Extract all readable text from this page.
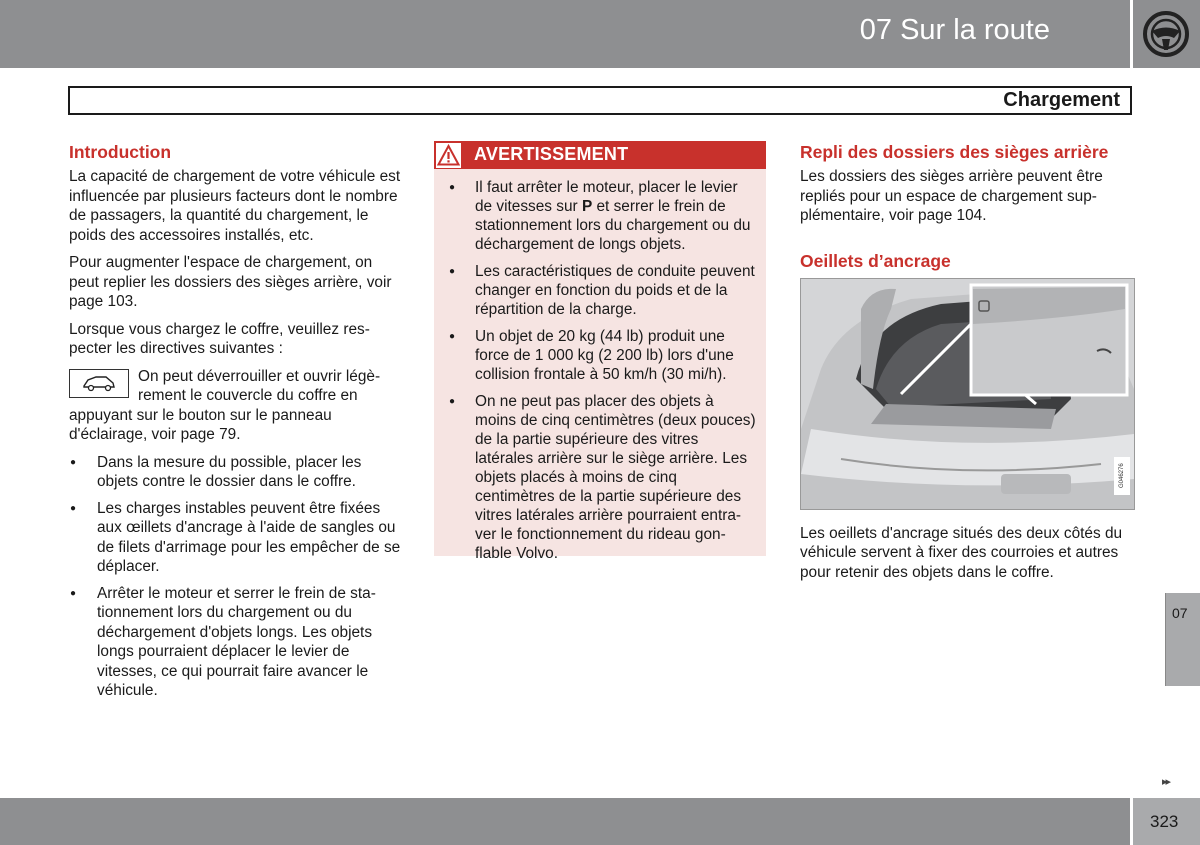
07 Sur la route
Chargement
Introduction

La capacité de chargement de votre véhicule est influencée par plusieurs facteurs dont le nombre de passagers, la quantité du chargement, le poids des accessoires installés, etc.

Pour augmenter l'espace de chargement, on peut replier les dossiers des sièges arrière, voir page 103.

Lorsque vous chargez le coffre, veuillez respecter les directives suivantes :

On peut déverrouiller et ouvrir légèrement le couvercle du coffre en appuyant sur le bouton sur le panneau d'éclairage, voir page 79.
● Dans la mesure du possible, placer les objets contre le dossier dans le coffre.
● Les charges instables peuvent être fixées aux œillets d'ancrage à l'aide de sangles ou de filets d'arrimage pour les empêcher de se déplacer.
● Arrêter le moteur et serrer le frein de stationnement lors du chargement ou du déchargement d'objets longs. Les objets longs pourraient déplacer le levier de vitesses, ce qui pourrait faire avancer le véhicule.
AVERTISSEMENT
● Il faut arrêter le moteur, placer le levier de vitesses sur P et serrer le frein de stationnement lors du chargement ou du déchargement de longs objets.
● Les caractéristiques de conduite peuvent changer en fonction du poids et de la répartition de la charge.
● Un objet de 20 kg (44 lb) produit une force de 1 000 kg (2 200 lb) lors d'une collision frontale à 50 km/h (30 mi/h).
● On ne peut pas placer des objets à moins de cinq centimètres (deux pouces) de la partie supérieure des vitres latérales arrière sur le siège arrière. Les objets placés à moins de cinq centimètres de la partie supérieure des vitres latérales arrière pourraient entraver le fonctionnement du rideau gonflable Volvo.
Repli des dossiers des sièges arrière

Les dossiers des sièges arrière peuvent être repliés pour un espace de chargement supplémentaire, voir page 104.

Oeillets d’ancrage
G046276

Les oeillets d'ancrage situés des deux côtés du véhicule servent à fixer des courroies et autres pour retenir des objets dans le coffre.

07
▸▸
323
